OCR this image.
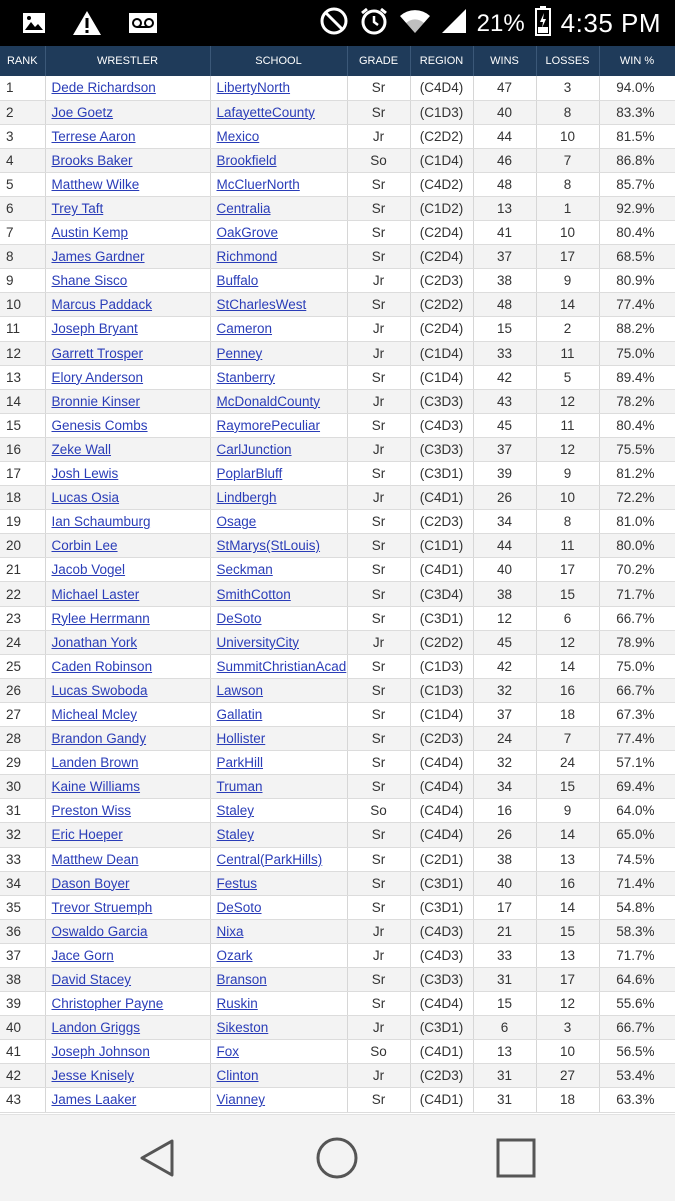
21% 4:35 PM
RANK	WRESTLER	SCHOOL	GRADE	REGION	WINS	LOSSES	WIN %
1	Dede Richardson	LibertyNorth	Sr	(C4D4)	47	3	94.0%
2	Joe Goetz	LafayetteCounty	Sr	(C1D3)	40	8	83.3%
3	Terrese Aaron	Mexico	Jr	(C2D2)	44	10	81.5%
4	Brooks Baker	Brookfield	So	(C1D4)	46	7	86.8%
5	Matthew Wilke	McCluerNorth	Sr	(C4D2)	48	8	85.7%
6	Trey Taft	Centralia	Sr	(C1D2)	13	1	92.9%
7	Austin Kemp	OakGrove	Sr	(C2D4)	41	10	80.4%
8	James Gardner	Richmond	Sr	(C2D4)	37	17	68.5%
9	Shane Sisco	Buffalo	Jr	(C2D3)	38	9	80.9%
10	Marcus Paddack	StCharlesWest	Sr	(C2D2)	48	14	77.4%
11	Joseph Bryant	Cameron	Jr	(C2D4)	15	2	88.2%
12	Garrett Trosper	Penney	Jr	(C1D4)	33	11	75.0%
13	Elory Anderson	Stanberry	Sr	(C1D4)	42	5	89.4%
14	Bronnie Kinser	McDonaldCounty	Jr	(C3D3)	43	12	78.2%
15	Genesis Combs	RaymorePeculiar	Sr	(C4D3)	45	11	80.4%
16	Zeke Wall	CarlJunction	Jr	(C3D3)	37	12	75.5%
17	Josh Lewis	PoplarBluff	Sr	(C3D1)	39	9	81.2%
18	Lucas Osia	Lindbergh	Jr	(C4D1)	26	10	72.2%
19	Ian Schaumburg	Osage	Sr	(C2D3)	34	8	81.0%
20	Corbin Lee	StMarys(StLouis)	Sr	(C1D1)	44	11	80.0%
21	Jacob Vogel	Seckman	Sr	(C4D1)	40	17	70.2%
22	Michael Laster	SmithCotton	Sr	(C3D4)	38	15	71.7%
23	Rylee Herrmann	DeSoto	Sr	(C3D1)	12	6	66.7%
24	Jonathan York	UniversityCity	Jr	(C2D2)	45	12	78.9%
25	Caden Robinson	SummitChristianAcad	Sr	(C1D3)	42	14	75.0%
26	Lucas Swoboda	Lawson	Sr	(C1D3)	32	16	66.7%
27	Micheal Mcley	Gallatin	Sr	(C1D4)	37	18	67.3%
28	Brandon Gandy	Hollister	Sr	(C2D3)	24	7	77.4%
29	Landen Brown	ParkHill	Sr	(C4D4)	32	24	57.1%
30	Kaine Williams	Truman	Sr	(C4D4)	34	15	69.4%
31	Preston Wiss	Staley	So	(C4D4)	16	9	64.0%
32	Eric Hoeper	Staley	Sr	(C4D4)	26	14	65.0%
33	Matthew Dean	Central(ParkHills)	Sr	(C2D1)	38	13	74.5%
34	Dason Boyer	Festus	Sr	(C3D1)	40	16	71.4%
35	Trevor Struemph	DeSoto	Sr	(C3D1)	17	14	54.8%
36	Oswaldo Garcia	Nixa	Jr	(C4D3)	21	15	58.3%
37	Jace Gorn	Ozark	Jr	(C4D3)	33	13	71.7%
38	David Stacey	Branson	Sr	(C3D3)	31	17	64.6%
39	Christopher Payne	Ruskin	Sr	(C4D4)	15	12	55.6%
40	Landon Griggs	Sikeston	Jr	(C3D1)	6	3	66.7%
41	Joseph Johnson	Fox	So	(C4D1)	13	10	56.5%
42	Jesse Knisely	Clinton	Jr	(C2D3)	31	27	53.4%
43	James Laaker	Vianney	Sr	(C4D1)	31	18	63.3%
